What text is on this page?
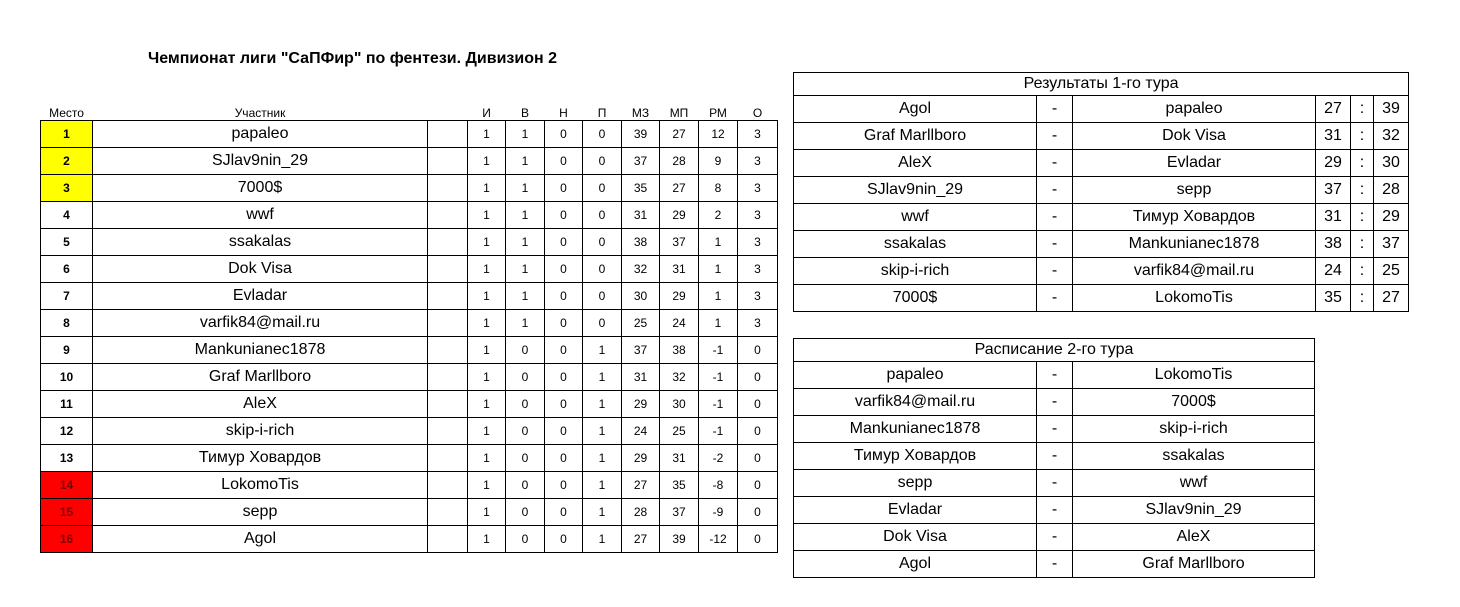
Чемпионат лиги "СаПФир" по фентези. Дивизион 2
Место	Участник		И	В	Н	П	МЗ	МП	РМ	О
1	papaleo		1	1	0	0	39	27	12	3
2	SJlav9nin_29		1	1	0	0	37	28	9	3
3	7000$		1	1	0	0	35	27	8	3
4	wwf		1	1	0	0	31	29	2	3
5	ssakalas		1	1	0	0	38	37	1	3
6	Dok Visa		1	1	0	0	32	31	1	3
7	Evladar		1	1	0	0	30	29	1	3
8	varfik84@mail.ru		1	1	0	0	25	24	1	3
9	Mankunianec1878		1	0	0	1	37	38	-1	0
10	Graf Marllboro		1	0	0	1	31	32	-1	0
11	AleX		1	0	0	1	29	30	-1	0
12	skip-i-rich		1	0	0	1	24	25	-1	0
13	Тимур Ховардов		1	0	0	1	29	31	-2	0
14	LokomoTis		1	0	0	1	27	35	-8	0
15	sepp		1	0	0	1	28	37	-9	0
16	Agol		1	0	0	1	27	39	-12	0
Результаты 1-го тура					
Agol	-	papaleo	27	:	39
Graf Marllboro	-	Dok Visa	31	:	32
AleX	-	Evladar	29	:	30
SJlav9nin_29	-	sepp	37	:	28
wwf	-	Тимур Ховардов	31	:	29
ssakalas	-	Mankunianec1878	38	:	37
skip-i-rich	-	varfik84@mail.ru	24	:	25
7000$	-	LokomoTis	35	:	27
Расписание 2-го тура		
papaleo	-	LokomoTis
varfik84@mail.ru	-	7000$
Mankunianec1878	-	skip-i-rich
Тимур Ховардов	-	ssakalas
sepp	-	wwf
Evladar	-	SJlav9nin_29
Dok Visa	-	AleX
Agol	-	Graf Marllboro
